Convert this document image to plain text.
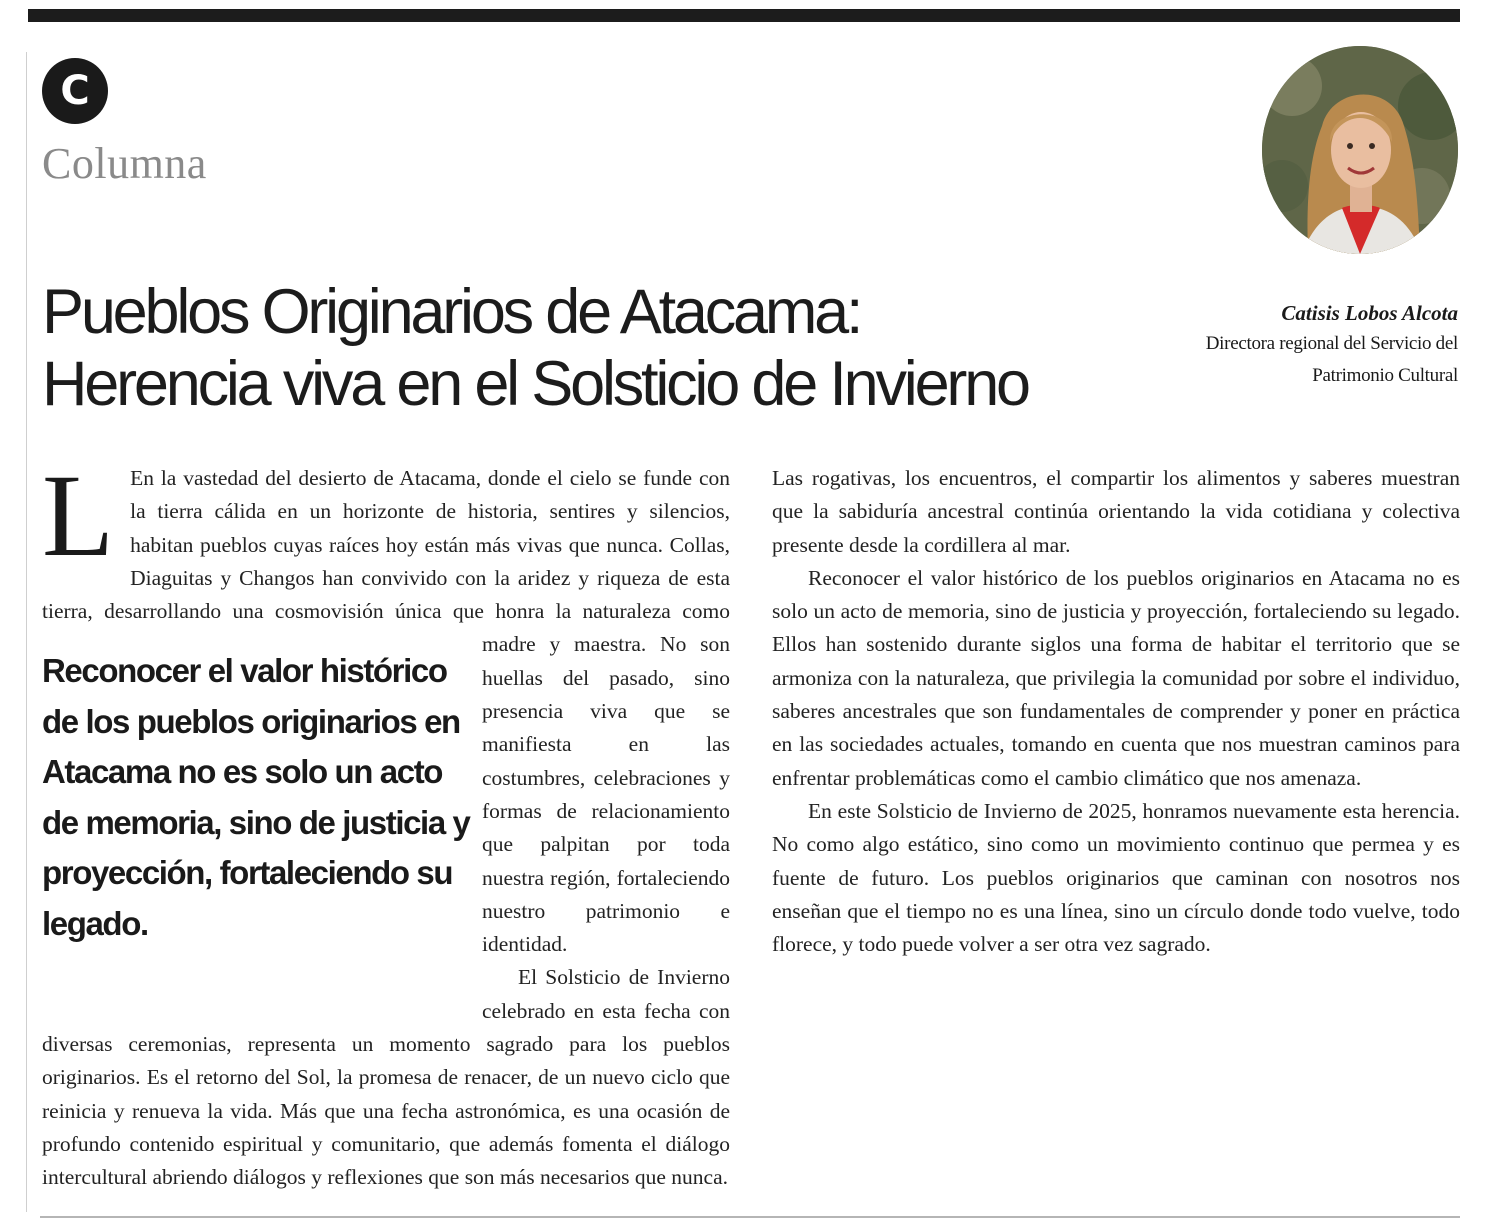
C
Columna
Pueblos Originarios de Atacama:
Herencia viva en el Solsticio de Invierno
Catisis Lobos Alcota
Directora regional del Servicio del
Patrimonio Cultural
L En la vastedad del desierto de Atacama, donde el cielo se funde con la tierra cálida en un horizonte de historia, sentires y silencios, habitan pueblos cuyas raíces hoy están más vivas que nunca. Collas, Diaguitas y Changos han convivido con la aridez y riqueza de esta tierra, desarrollando una cosmovisión única que honra la naturaleza como
Reconocer el valor histórico de los pueblos originarios en Atacama no es solo un acto de memoria, sino de justicia y proyección, fortaleciendo su legado.
madre y maestra. No son huellas del pasado, sino presencia viva que se manifiesta en las costumbres, celebraciones y formas de relacionamiento que palpitan por toda nuestra región, fortaleciendo nuestro patrimonio e identidad.

El Solsticio de Invierno celebrado en esta fecha con diversas ceremonias, representa un momento sagrado para los pueblos originarios. Es el retorno del Sol, la promesa de renacer, de un nuevo ciclo que reinicia y renueva la vida. Más que una fecha astronómica, es una ocasión de profundo contenido espiritual y comunitario, que además fomenta el diálogo intercultural abriendo diálogos y reflexiones que son más necesarios que nunca.

Las rogativas, los encuentros, el compartir los alimentos y saberes muestran que la sabiduría ancestral continúa orientando la vida cotidiana y colectiva presente desde la cordillera al mar.

Reconocer el valor histórico de los pueblos originarios en Atacama no es solo un acto de memoria, sino de justicia y proyección, fortaleciendo su legado. Ellos han sostenido durante siglos una forma de habitar el territorio que se armoniza con la naturaleza, que privilegia la comunidad por sobre el individuo, saberes ancestrales que son fundamentales de comprender y poner en práctica en las sociedades actuales, tomando en cuenta que nos muestran caminos para enfrentar problemáticas como el cambio climático que nos amenaza.

En este Solsticio de Invierno de 2025, honramos nuevamente esta herencia. No como algo estático, sino como un movimiento continuo que permea y es fuente de futuro. Los pueblos originarios que caminan con nosotros nos enseñan que el tiempo no es una línea, sino un círculo donde todo vuelve, todo florece, y todo puede volver a ser otra vez sagrado.
